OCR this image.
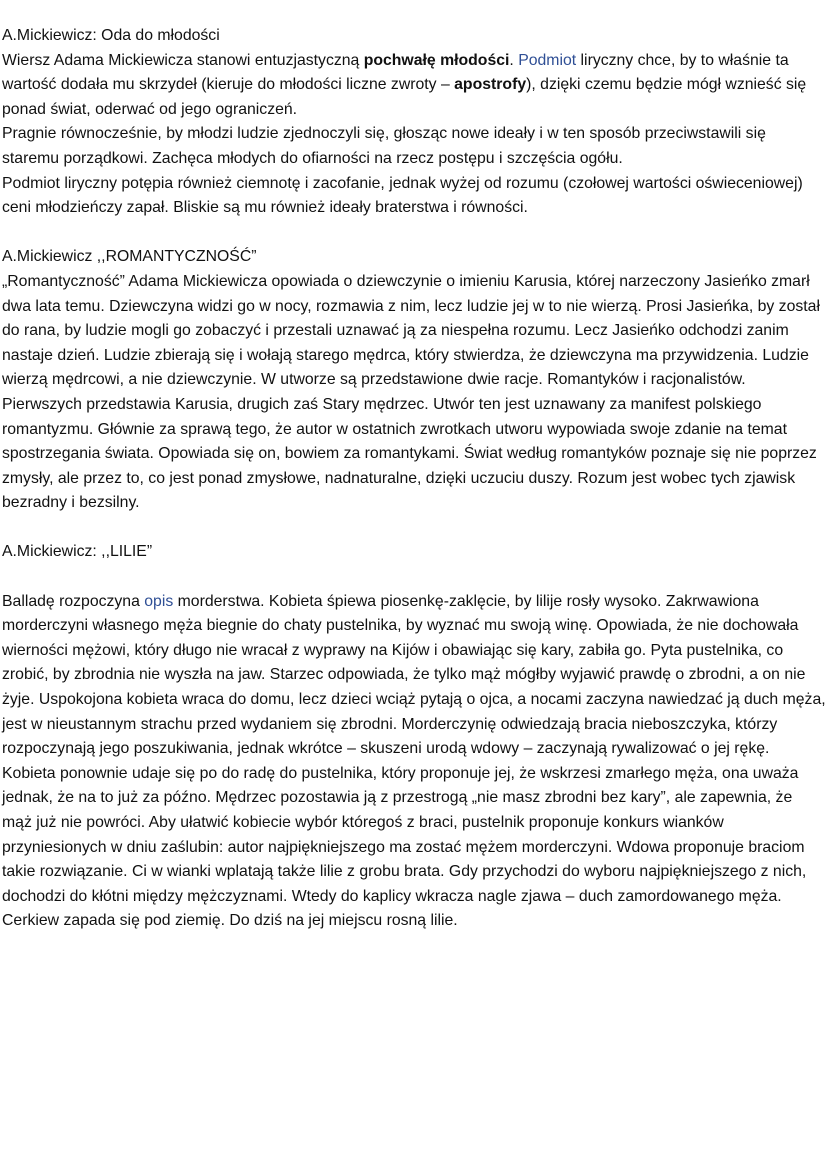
A.Mickiewicz: Oda do młodości

Wiersz Adama Mickiewicza stanowi entuzjastyczną pochwałę młodości. Podmiot liryczny chce, by to właśnie ta wartość dodała mu skrzydeł (kieruje do młodości liczne zwroty – apostrofy), dzięki czemu będzie mógł wznieść się ponad świat, oderwać od jego ograniczeń.

Pragnie równocześnie, by młodzi ludzie zjednoczyli się, głosząc nowe ideały i w ten sposób przeciwstawili się staremu porządkowi. Zachęca młodych do ofiarności na rzecz postępu i szczęścia ogółu.

Podmiot liryczny potępia również ciemnotę i zacofanie, jednak wyżej od rozumu (czołowej wartości oświeceniowej) ceni młodzieńczy zapał. Bliskie są mu również ideały braterstwa i równości.

A.Mickiewicz ,,ROMANTYCZNOŚĆ”

„Romantyczność” Adama Mickiewicza opowiada o dziewczynie o imieniu Karusia, której narzeczony Jasieńko zmarł dwa lata temu. Dziewczyna widzi go w nocy, rozmawia z nim, lecz ludzie jej w to nie wierzą. Prosi Jasieńka, by został do rana, by ludzie mogli go zobaczyć i przestali uznawać ją za niespełna rozumu. Lecz Jasieńko odchodzi zanim nastaje dzień. Ludzie zbierają się i wołają starego mędrca, który stwierdza, że dziewczyna ma przywidzenia. Ludzie wierzą mędrcowi, a nie dziewczynie. W utworze są przedstawione dwie racje. Romantyków i racjonalistów. Pierwszych przedstawia Karusia, drugich zaś Stary mędrzec. Utwór ten jest uznawany za manifest polskiego romantyzmu. Głównie za sprawą tego, że autor w ostatnich zwrotkach utworu wypowiada swoje zdanie na temat spostrzegania świata. Opowiada się on, bowiem za romantykami. Świat według romantyków poznaje się nie poprzez zmysły, ale przez to, co jest ponad zmysłowe, nadnaturalne, dzięki uczuciu duszy. Rozum jest wobec tych zjawisk bezradny i bezsilny.

A.Mickiewicz: ,,LILIE”

Balladę rozpoczyna opis morderstwa. Kobieta śpiewa piosenkę-zaklęcie, by lilije rosły wysoko. Zakrwawiona morderczyni własnego męża biegnie do chaty pustelnika, by wyznać mu swoją winę. Opowiada, że nie dochowała wierności mężowi, który długo nie wracał z wyprawy na Kijów i obawiając się kary, zabiła go. Pyta pustelnika, co zrobić, by zbrodnia nie wyszła na jaw. Starzec odpowiada, że tylko mąż mógłby wyjawić prawdę o zbrodni, a on nie żyje. Uspokojona kobieta wraca do domu, lecz dzieci wciąż pytają o ojca, a nocami zaczyna nawiedzać ją duch męża, jest w nieustannym strachu przed wydaniem się zbrodni. Morderczynię odwiedzają bracia nieboszczyka, którzy rozpoczynają jego poszukiwania, jednak wkrótce – skuszeni urodą wdowy – zaczynają rywalizować o jej rękę. Kobieta ponownie udaje się po do radę do pustelnika, który proponuje jej, że wskrzesi zmarłego męża, ona uważa jednak, że na to już za późno. Mędrzec pozostawia ją z przestrogą „nie masz zbrodni bez kary”, ale zapewnia, że mąż już nie powróci. Aby ułatwić kobiecie wybór któregoś z braci, pustelnik proponuje konkurs wianków przyniesionych w dniu zaślubin: autor najpiękniejszego ma zostać mężem morderczyni. Wdowa proponuje braciom takie rozwiązanie. Ci w wianki wplatają także lilie z grobu brata. Gdy przychodzi do wyboru najpiękniejszego z nich, dochodzi do kłótni między mężczyznami. Wtedy do kaplicy wkracza nagle zjawa – duch zamordowanego męża. Cerkiew zapada się pod ziemię. Do dziś na jej miejscu rosną lilie.
